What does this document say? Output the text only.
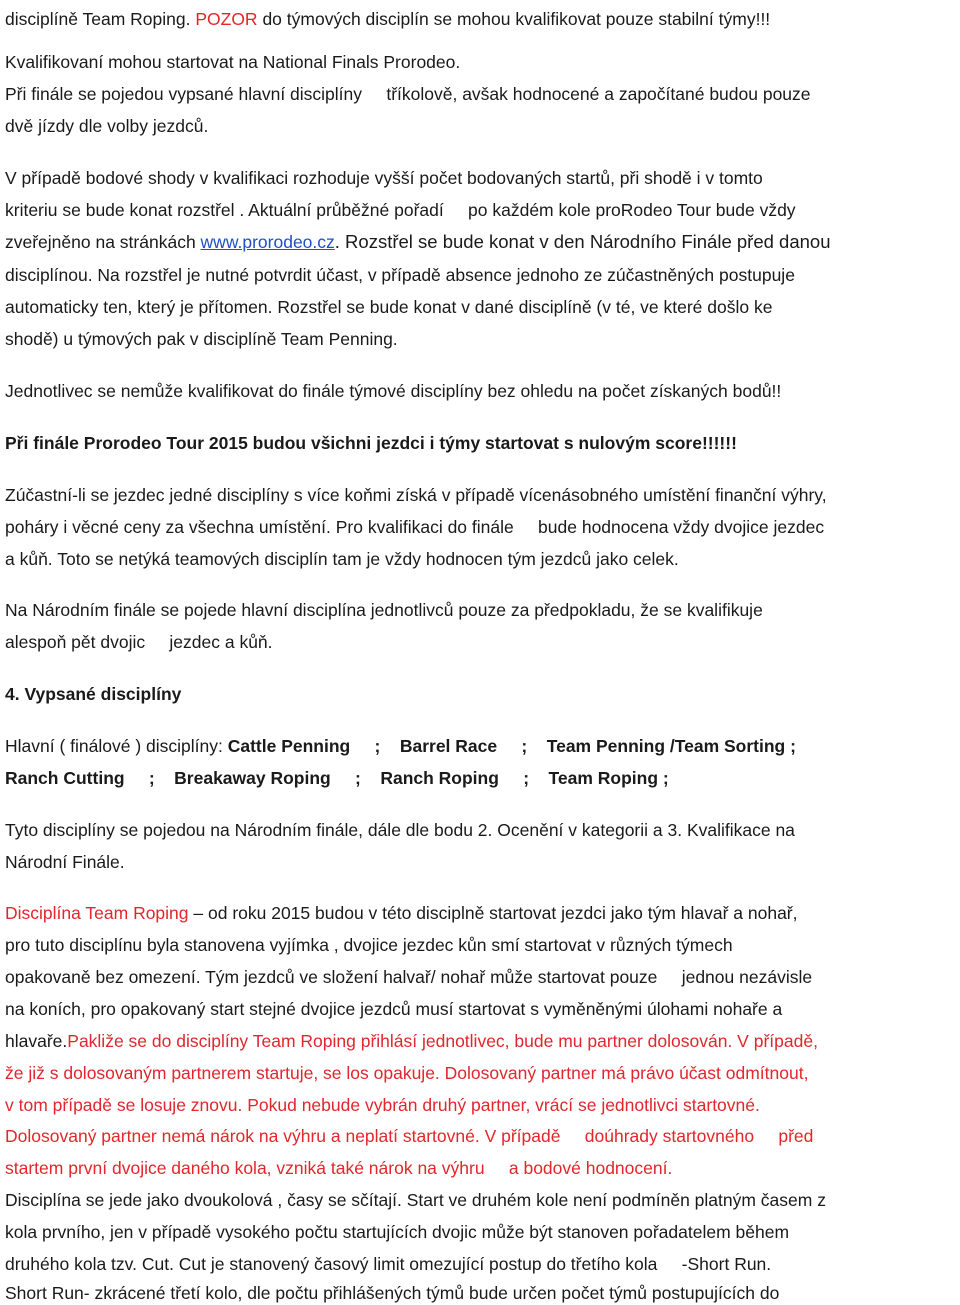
disciplíně Team Roping. POZOR do týmových disciplín se mohou kvalifikovat pouze stabilní týmy!!!
Kvalifikovaní mohou startovat na National Finals Prorodeo.
Při finále se pojedou vypsané hlavní disciplíny     tříkolově, avšak hodnocené a započítané budou pouze
dvě jízdy dle volby jezdců.
V případě bodové shody v kvalifikaci rozhoduje vyšší počet bodovaných startů, při shodě i v tomto
kriteriu se bude konat rozstřel . Aktuální průběžné pořadí     po každém kole proRodeo Tour bude vždy
zveřejněno na stránkách www.prorodeo.cz. Rozstřel se bude konat v den Národního Finále před danou
disciplínou. Na rozstřel je nutné potvrdit účast, v případě absence jednoho ze zúčastněných postupuje
automaticky ten, který je přítomen. Rozstřel se bude konat v dané disciplíně (v té, ve které došlo ke
shodě) u týmových pak v disciplíně Team Penning.
Jednotlivec se nemůže kvalifikovat do finále týmové disciplíny bez ohledu na počet získaných bodů!!
Při finále Prorodeo Tour 2015 budou všichni jezdci i týmy startovat s nulovým score!!!!!!
Zúčastní-li se jezdec jedné disciplíny s více koňmi získá v případě vícenásobného umístění finanční výhry,
poháry i věcné ceny za všechna umístění. Pro kvalifikaci do finále     bude hodnocena vždy dvojice jezdec
a kůň. Toto se netýká teamových disciplín tam je vždy hodnocen tým jezdců jako celek.
Na Národním finále se pojede hlavní disciplína jednotlivců pouze za předpokladu, že se kvalifikuje
alespoň pět dvojic     jezdec a kůň.
4. Vypsané disciplíny
Hlavní ( finálové ) disciplíny: Cattle Penning     ;    Barrel Race     ;    Team Penning /Team Sorting ;
Ranch Cutting     ;    Breakaway Roping     ;    Ranch Roping     ;    Team Roping ;
Tyto disciplíny se pojedou na Národním finále, dále dle bodu 2. Ocenění v kategorii a 3. Kvalifikace na
Národní Finále.
Disciplína Team Roping – od roku 2015 budou v této disciplně startovat jezdci jako tým hlavař a nohař,
pro tuto disciplínu byla stanovena vyjímka , dvojice jezdec kůn smí startovat v různých týmech
opakovaně bez omezení. Tým jezdců ve složení halvař/ nohař může startovat pouze     jednou nezávisle
na koních, pro opakovaný start stejné dvojice jezdců musí startovat s vyměněnými úlohami nohaře a
hlavaře.Pakliže se do disciplíny Team Roping přihlásí jednotlivec, bude mu partner dolosován. V případě,
že již s dolosovaným partnerem startuje, se los opakuje. Dolosovaný partner má právo účast odmítnout,
v tom případě se losuje znovu. Pokud nebude vybrán druhý partner, vrácí se jednotlivci startovné.
Dolosovaný partner nemá nárok na výhru a neplatí startovné. V případě     doúhrady startovného     před
startem první dvojice daného kola, vzniká také nárok na výhru     a bodové hodnocení.
Disciplína se jede jako dvoukolová , časy se sčítají. Start ve druhém kole není podmíněn platným časem z
kola prvního, jen v případě vysokého počtu startujících dvojic může být stanoven pořadatelem během
druhého kola tzv. Cut. Cut je stanovený časový limit omezující postup do třetího kola     -Short Run.
Short Run- zkrácené třetí kolo, dle počtu přihlášených týmů bude určen počet týmů postupujících do
